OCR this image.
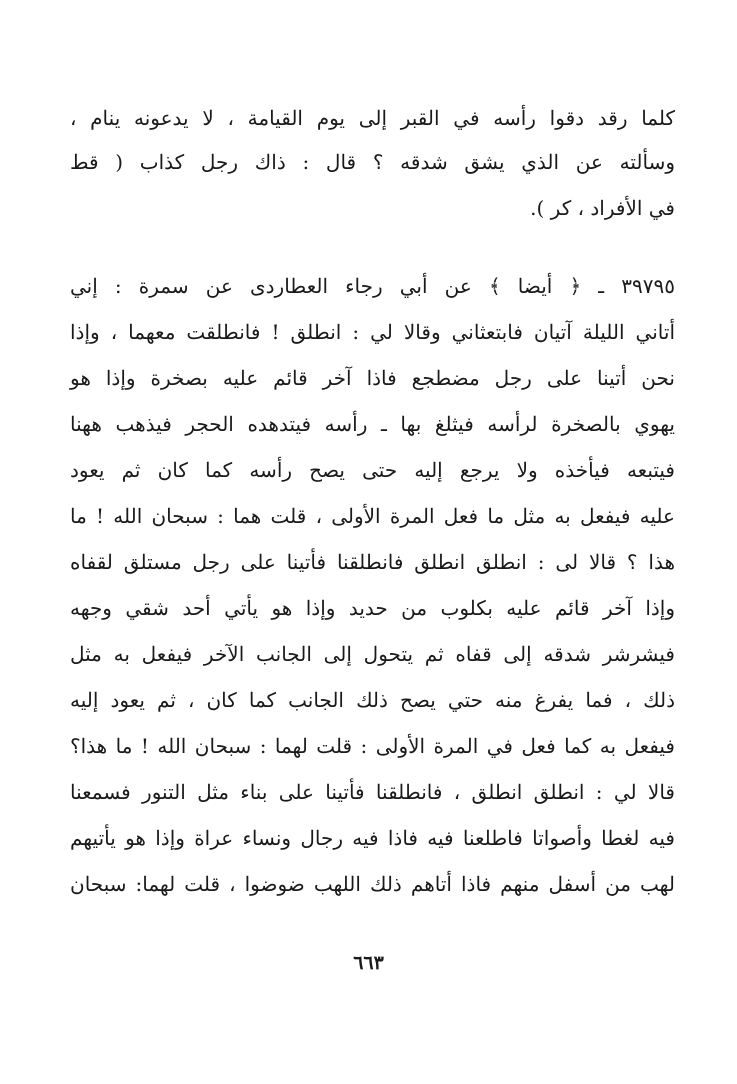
كلما رقد دقوا رأسه في القبر إلى يوم القيامة ، لا يدعونه ينام ،
وسألته عن الذي يشق شدقه ؟ قال : ذاك رجل كذاب ( قط
في الأفراد ، كر ).
٣٩٧٩٥ ـ ﴿ أيضا ﴾ عن أبي رجاء العطاردى عن سمرة : إني
أتاني الليلة آتيان فابتعثاني وقالا لي : انطلق ! فانطلقت معهما ، وإذا
نحن أتينا على رجل مضطجع فاذا آخر قائم عليه بصخرة وإذا هو
يهوي بالصخرة لرأسه فيثلغ بها ـ رأسه فيتدهده الحجر فيذهب ههنا
فيتبعه فيأخذه ولا يرجع إليه حتى يصح رأسه كما كان ثم يعود
عليه فيفعل به مثل ما فعل المرة الأولى ، قلت هما : سبحان الله ! ما
هذا ؟ قالا لى : انطلق انطلق فانطلقنا فأتينا على رجل مستلق لقفاه
وإذا آخر قائم عليه بكلوب من حديد وإذا هو يأتي أحد شقي وجهه
فيشرشر شدقه إلى قفاه ثم يتحول إلى الجانب الآخر فيفعل به مثل
ذلك ، فما يفرغ منه حتي يصح ذلك الجانب كما كان ، ثم يعود إليه
فيفعل به كما فعل في المرة الأولى : قلت لهما : سبحان الله ! ما هذا؟
قالا لي : انطلق انطلق ، فانطلقنا فأتينا على بناء مثل التنور فسمعنا
فيه لغطا وأصواتا فاطلعنا فيه فاذا فيه رجال ونساء عراة وإذا هو يأتيهم
لهب من أسفل منهم فاذا أتاهم ذلك اللهب ضوضوا ، قلت لهما: سبحان
٦٦٣
